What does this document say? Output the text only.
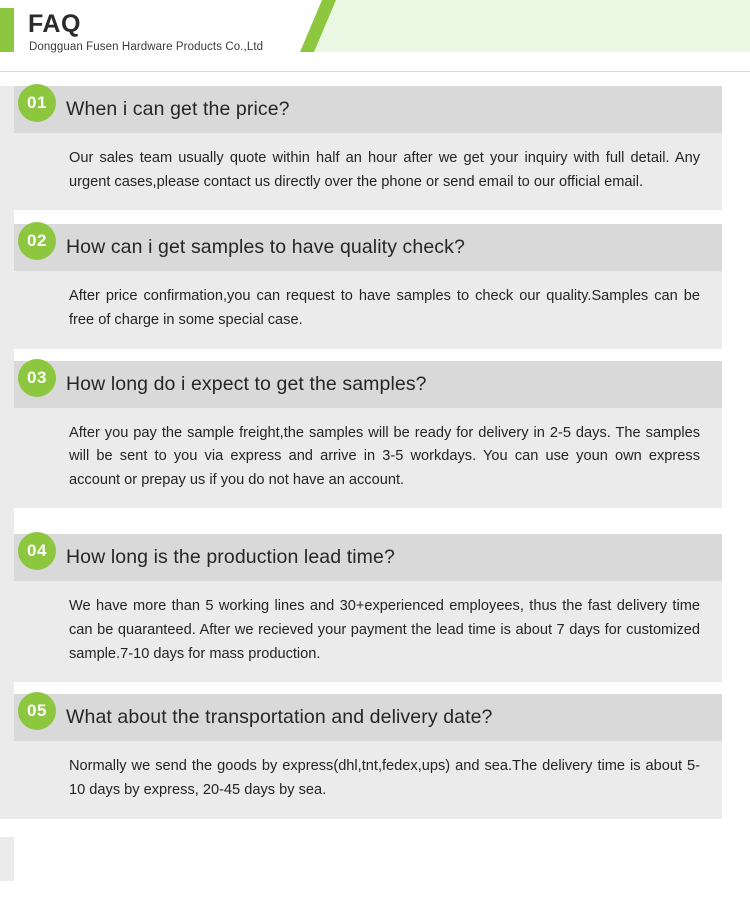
FAQ
Dongguan Fusen Hardware Products Co.,Ltd
01 When i can get the price?

Our sales team usually quote within half an hour after we get your inquiry with full detail. Any urgent cases,please contact us directly over the phone or send email to our official email.

02 How can i get samples to have quality check?

After price confirmation,you can request to have samples to check our quality.Samples can be free of charge in some special case.

03 How long do i expect to get the samples?

After you pay the sample freight,the samples will be ready for delivery in 2-5 days. The samples will be sent to you via express and arrive in 3-5 workdays. You can use youn own express account or prepay us if you do not have an account.

04 How long is the production lead time?

We have more than 5 working lines and 30+experienced employees, thus the fast delivery time can be quaranteed. After we recieved your payment the lead time is about 7 days for customized sample.7-10 days for mass production.

05 What about the transportation and delivery date?

Normally we send the goods by express(dhl,tnt,fedex,ups) and sea.The delivery time is about 5-10 days by express, 20-45 days by sea.
